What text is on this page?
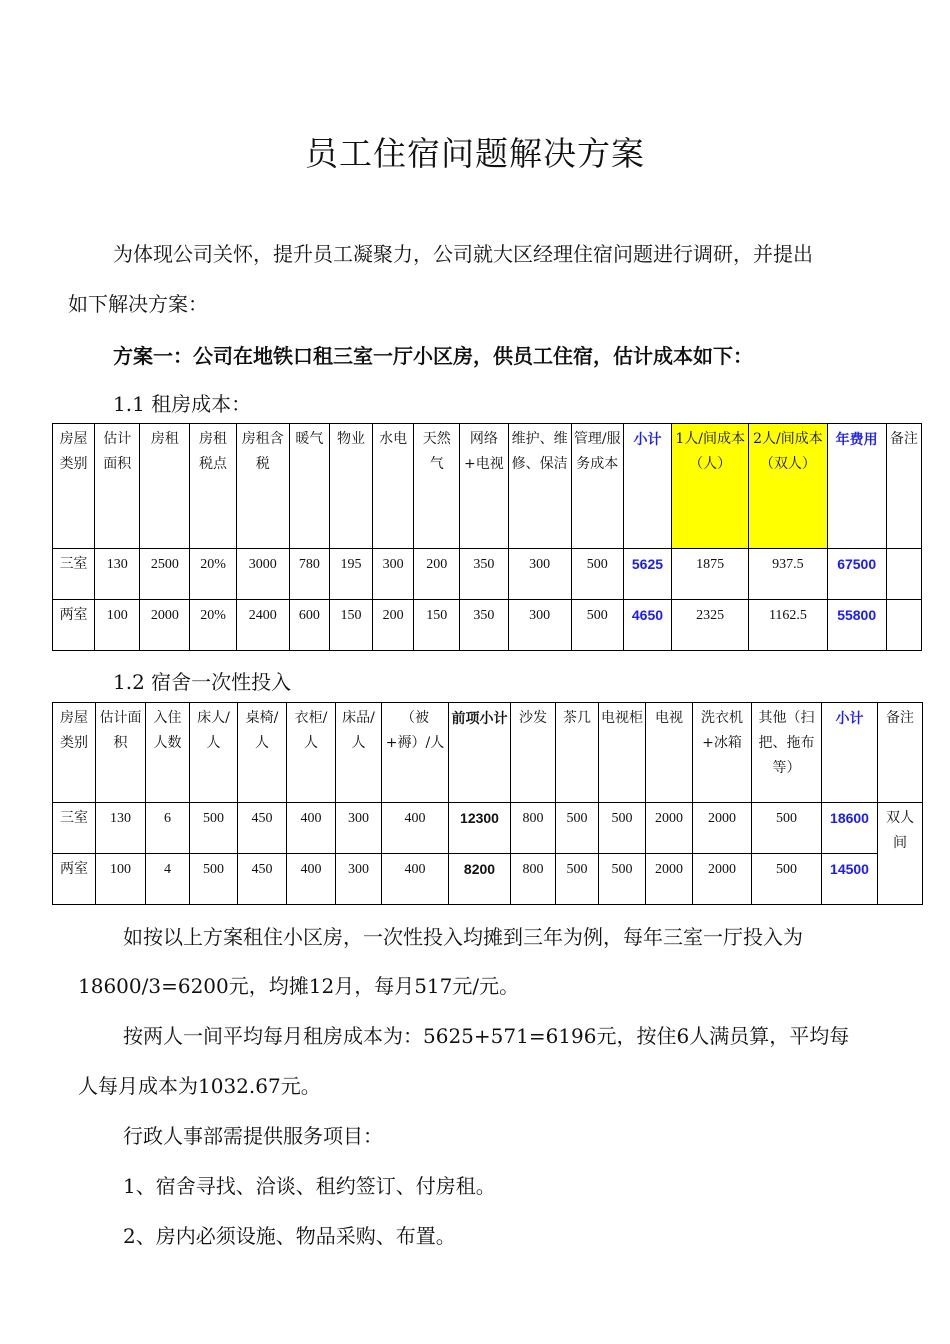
员工住宿问题解决方案
为体现公司关怀，提升员工凝聚力，公司就大区经理住宿问题进行调研，并提出
如下解决方案：
方案一：公司在地铁口租三室一厅小区房，供员工住宿，估计成本如下：
1.1 租房成本：
房屋类别	估计面积	房租	房租税点	房租含税	暖气	物业	水电	天然气	网络+电视	维护、维修、保洁	管理/服务成本	小计	1人/间成本（人）	2人/间成本（双人）	年费用	备注
三室	130	2500	20%	3000	780	195	300	200	350	300	500	5625	1875	937.5	67500	
两室	100	2000	20%	2400	600	150	200	150	350	300	500	4650	2325	1162.5	55800	
1.2 宿舍一次性投入
房屋类别	估计面积	入住人数	床人/人	桌椅/人	衣柜/人	床品/人	（被+褥）/人	前项小计	沙发	茶几	电视柜	电视	洗衣机+冰箱	其他（扫把、拖布等）	小计	备注
三室	130	6	500	450	400	300	400	12300	800	500	500	2000	2000	500	18600	双人间
两室	100	4	500	450	400	300	400	8200	800	500	500	2000	2000	500	14500	
如按以上方案租住小区房，一次性投入均摊到三年为例，每年三室一厅投入为
18600/3=6200元，均摊12月，每月517元/元。
按两人一间平均每月租房成本为：5625+571=6196元，按住6人满员算，平均每
人每月成本为1032.67元。
行政人事部需提供服务项目：
1、宿舍寻找、洽谈、租约签订、付房租。
2、房内必须设施、物品采购、布置。
